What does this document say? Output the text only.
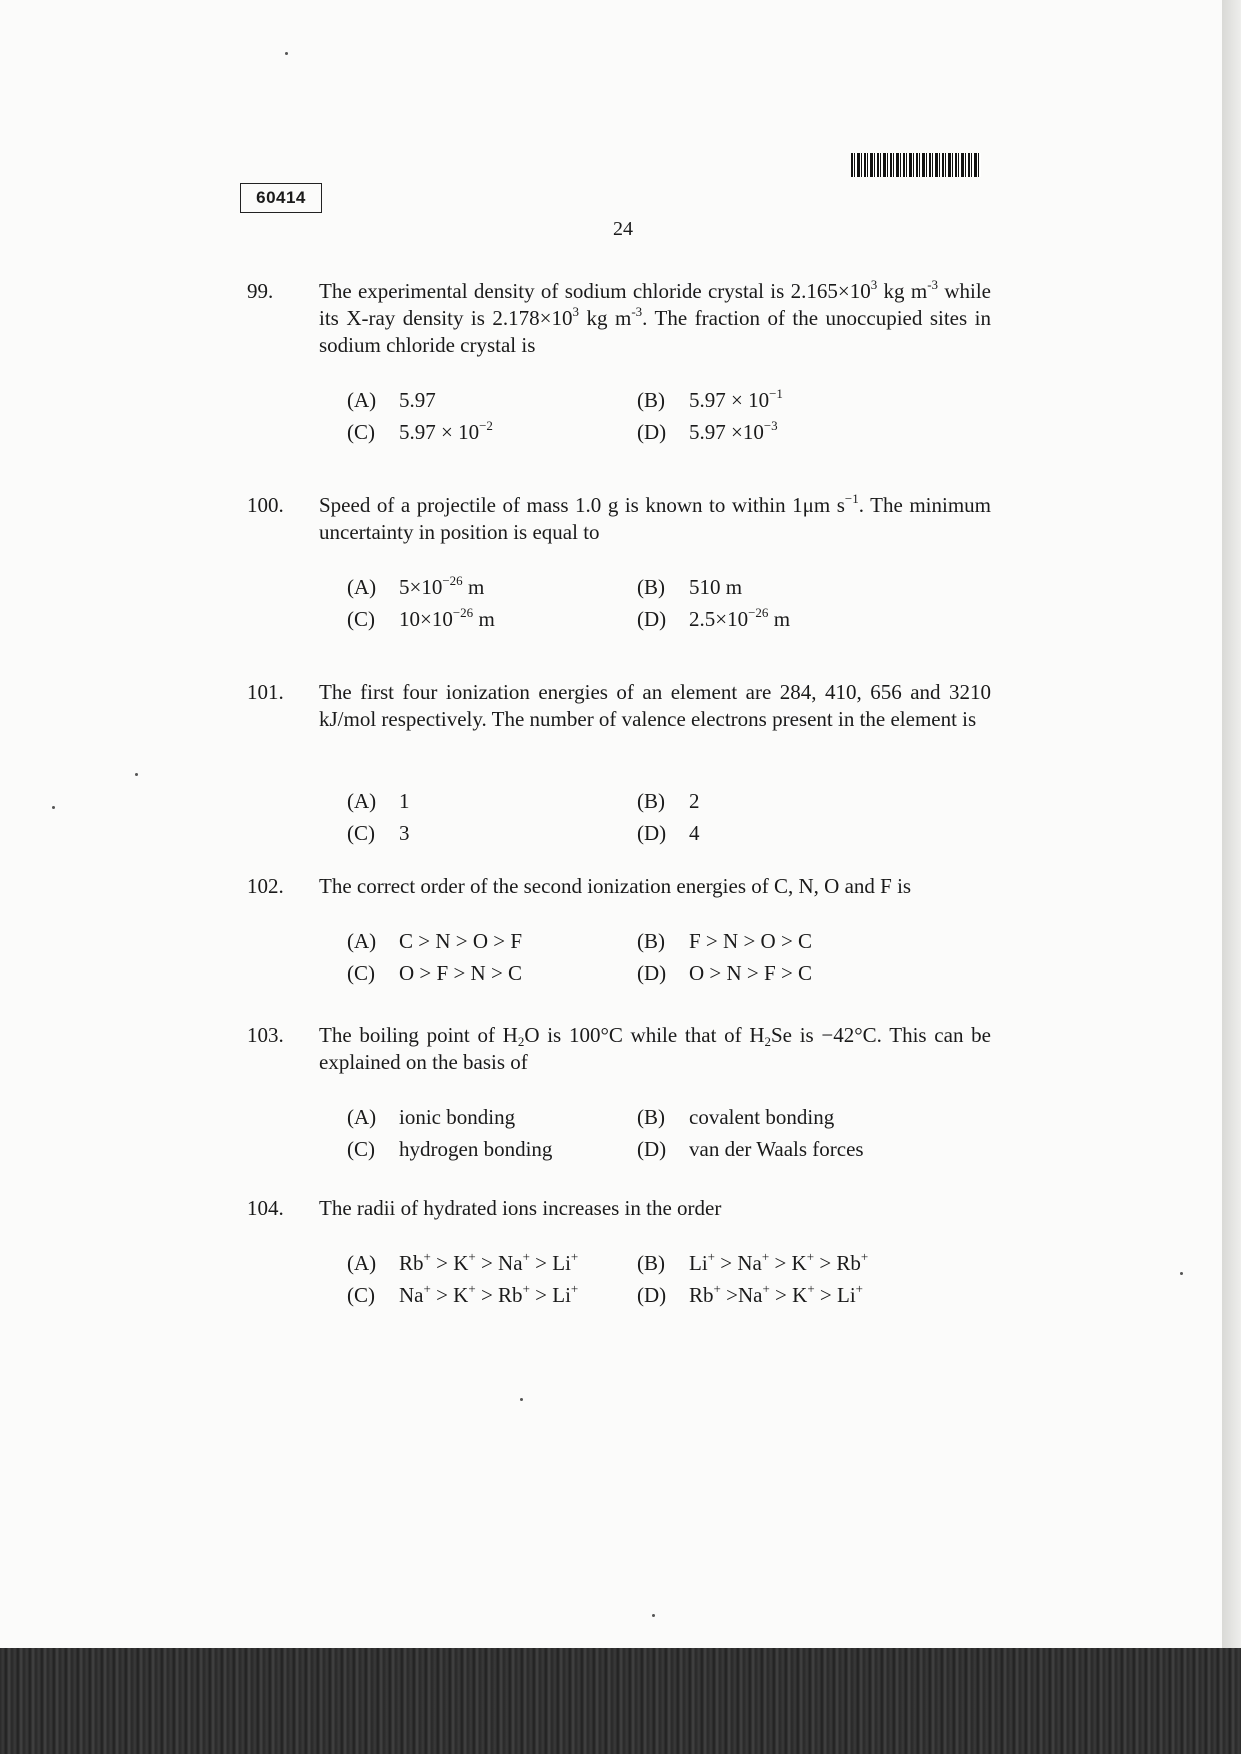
60414
24
99. The experimental density of sodium chloride crystal is $2.165\times 10^3$ kg $m^{-3}$ while its X-ray density is $2.178\times 10^3$ kg $m^{-3}$. The fraction of the unoccupied sites in sodium chloride crystal is
(A) 5.97	(B) $5.97 \times 10^{-1}$
(C) $5.97 \times 10^{-2}$	(D) $5.97 \times 10^{-3}$
100. Speed of a projectile of mass 1.0 g is known to within 1μm $s^{-1}$. The minimum uncertainty in position is equal to
(A) $5\times 10^{-26}$ m	(B) 510 m
(C) $10\times 10^{-26}$ m	(D) $2.5\times 10^{-26}$ m
101. The first four ionization energies of an element are 284, 410, 656 and 3210 kJ/mol respectively. The number of valence electrons present in the element is
(A) 1	(B) 2
(C) 3	(D) 4
102. The correct order of the second ionization energies of C, N, O and F is
(A) C > N > O > F	(B) F > N > O > C
(C) O > F > N > C	(D) O > N > F > C
103. The boiling point of $H_2O$ is 100°C while that of $H_2Se$ is −42°C. This can be explained on the basis of
(A) ionic bonding	(B) covalent bonding
(C) hydrogen bonding	(D) van der Waals forces
104. The radii of hydrated ions increases in the order
(A) Rb+ > K+ > Na+ > Li+	(B) Li+ > Na+ > K+ > Rb+
(C) Na+ > K+ > Rb+ > Li+	(D) Rb+ >Na+ > K+ > Li+
